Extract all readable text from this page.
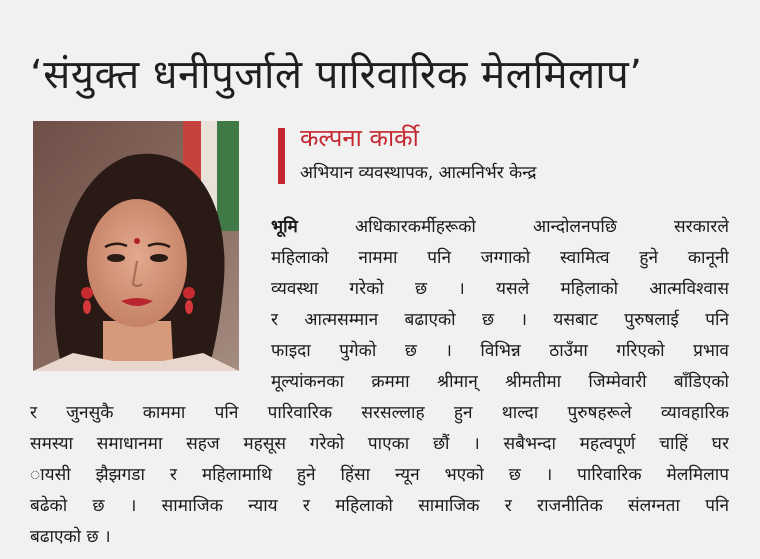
‘संयुक्त धनीपुर्जाले पारिवारिक मेलमिलाप’
कल्पना कार्की
अभियान व्यवस्थापक, आत्मनिर्भर केन्द्र
भूमि	अधिकारकर्मीहरूको आन्दोलनपछि सरकारले
महिलाको नाममा पनि जग्गाको स्वामित्व हुने कानूनी
व्यवस्था गरेको छ । यसले महिलाको आत्मविश्वास
र आत्मसम्मान बढाएको छ । यसबाट पुरुषलाई पनि
फाइदा पुगेको छ । विभिन्न ठाउँमा गरिएको प्रभाव
मूल्यांकनका क्रममा श्रीमान् श्रीमतीमा जिम्मेवारी बाँडिएको
र जुनसुकै काममा पनि पारिवारिक सरसल्लाह हुन थाल्दा पुरुषहरूले व्यावहारिक
समस्या समाधानमा सहज महसूस गरेको पाएका छौं । सबैभन्दा महत्वपूर्ण चाहिं घर
ायसी झैझगडा र महिलामाथि हुने हिंसा न्यून भएको छ । पारिवारिक मेलमिलाप
बढेको छ । सामाजिक न्याय र महिलाको सामाजिक र राजनीतिक संलग्नता पनि
बढाएको छ ।
